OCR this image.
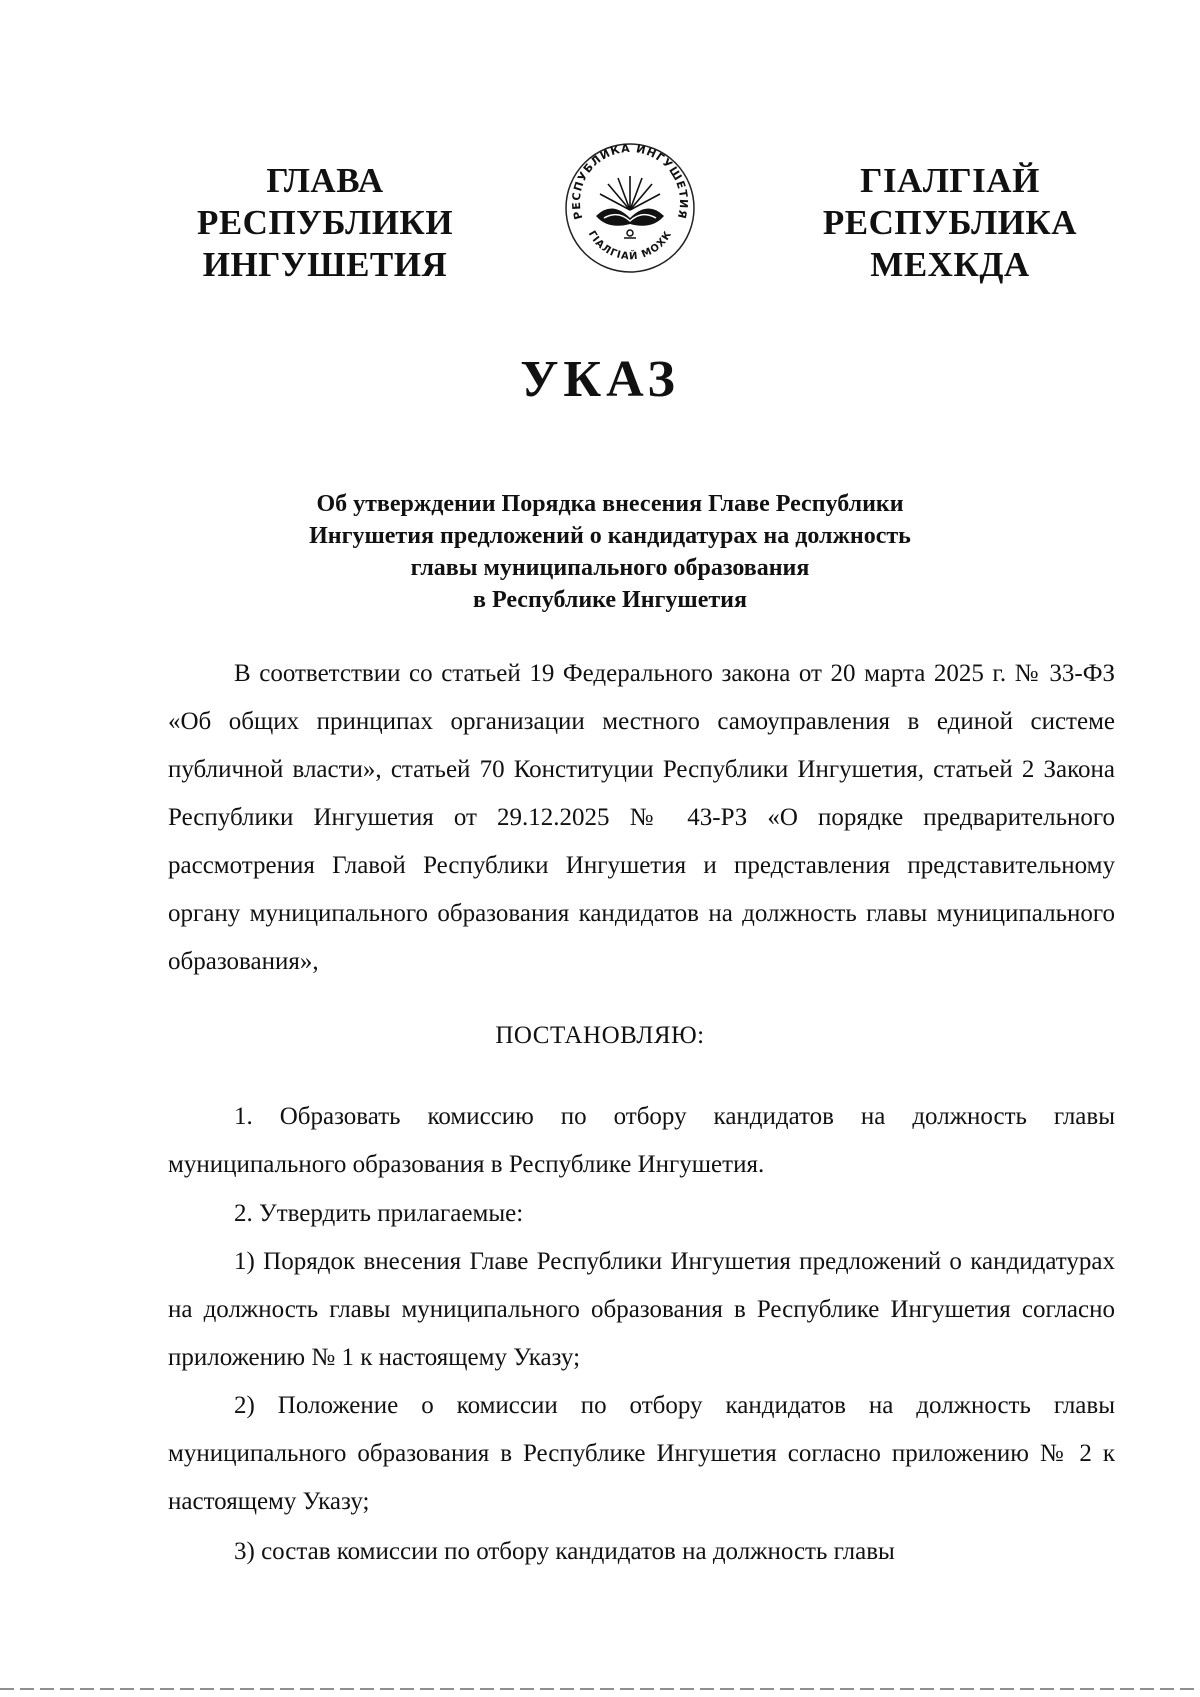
ГЛАВА
РЕСПУБЛИКИ
ИНГУШЕТИЯ
РЕСПУБЛИКА ИНГУШЕТИЯ
ГIАЛГIАЙ МОХК
ГIАЛГIАЙ
РЕСПУБЛИКА
МЕХКДА
УКАЗ
Об утверждении Порядка внесения Главе Республики
Ингушетия предложений о кандидатурах на должность
главы муниципального образования
в Республике Ингушетия

В соответствии со статьей 19 Федерального закона от 20 марта 2025 г. № 33-ФЗ «Об общих принципах организации местного самоуправления в единой системе публичной власти», статьей 70 Конституции Республики Ингушетия, статьей 2 Закона Республики Ингушетия от 29.12.2025 № 43-РЗ «О порядке предварительного рассмотрения Главой Республики Ингушетия и представления представительному органу муниципального образования кандидатов на должность главы муниципального образования»,

ПОСТАНОВЛЯЮ:

1. Образовать комиссию по отбору кандидатов на должность главы муниципального образования в Республике Ингушетия.

2. Утвердить прилагаемые:

1) Порядок внесения Главе Республики Ингушетия предложений о кандидатурах на должность главы муниципального образования в Республике Ингушетия согласно приложению № 1 к настоящему Указу;

2) Положение о комиссии по отбору кандидатов на должность главы муниципального образования в Республике Ингушетия согласно приложению № 2 к настоящему Указу;

3) состав комиссии по отбору кандидатов на должность главы
